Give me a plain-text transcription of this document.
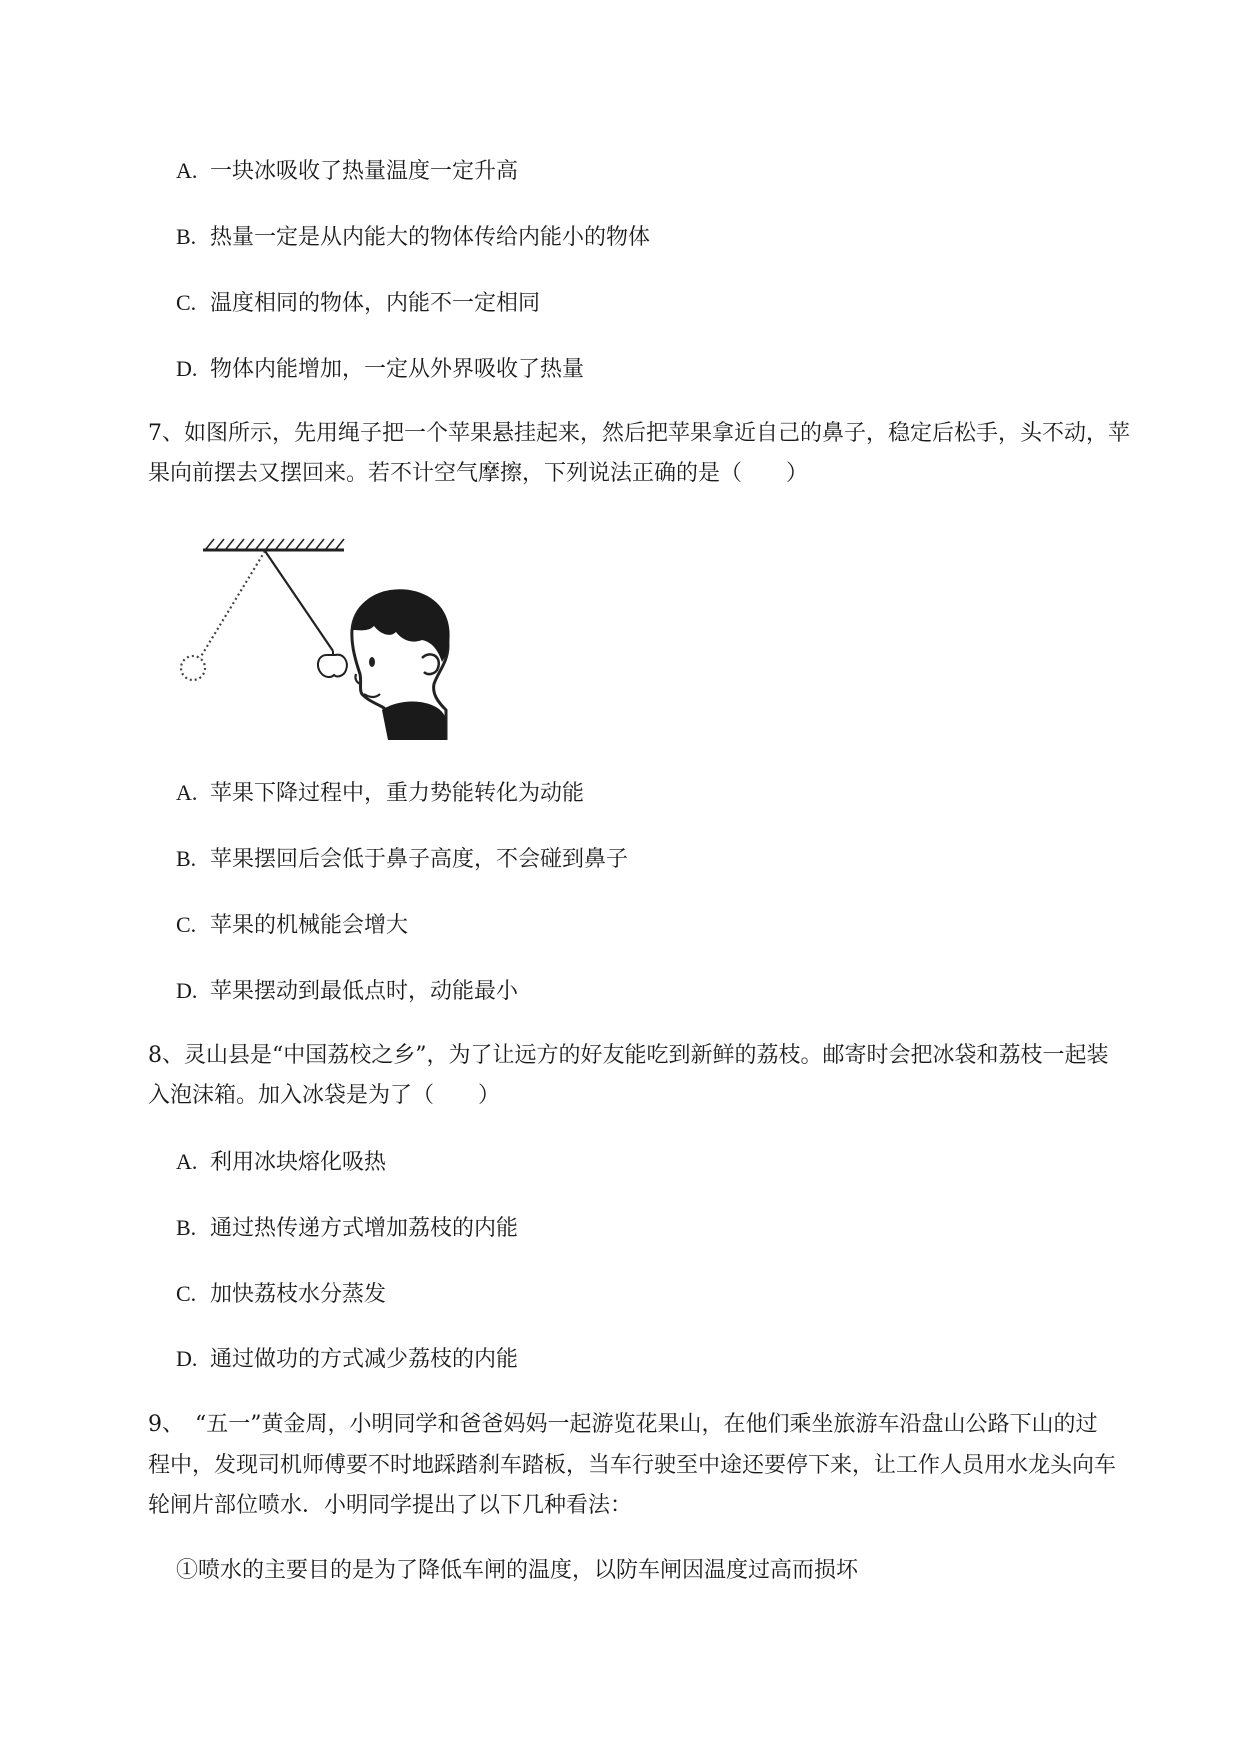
A. 一块冰吸收了热量温度一定升高
B. 热量一定是从内能大的物体传给内能小的物体
C. 温度相同的物体，内能不一定相同
D. 物体内能增加，一定从外界吸收了热量
7、如图所示，先用绳子把一个苹果悬挂起来，然后把苹果拿近自己的鼻子，稳定后松手，头不动，苹
果向前摆去又摆回来。若不计空气摩擦，下列说法正确的是（　　）
A. 苹果下降过程中，重力势能转化为动能
B. 苹果摆回后会低于鼻子高度，不会碰到鼻子
C. 苹果的机械能会增大
D. 苹果摆动到最低点时，动能最小
8、灵山县是“中国荔校之乡”，为了让远方的好友能吃到新鲜的荔枝。邮寄时会把冰袋和荔枝一起装
入泡沫箱。加入冰袋是为了（　　）
A. 利用冰块熔化吸热
B. 通过热传递方式增加荔枝的内能
C. 加快荔枝水分蒸发
D. 通过做功的方式减少荔枝的内能
9、　“五一”黄金周，小明同学和爸爸妈妈一起游览花果山，在他们乘坐旅游车沿盘山公路下山的过
程中，发现司机师傅要不时地踩踏刹车踏板，当车行驶至中途还要停下来，让工作人员用水龙头向车
轮闸片部位喷水．小明同学提出了以下几种看法：
①喷水的主要目的是为了降低车闸的温度，以防车闸因温度过高而损坏
